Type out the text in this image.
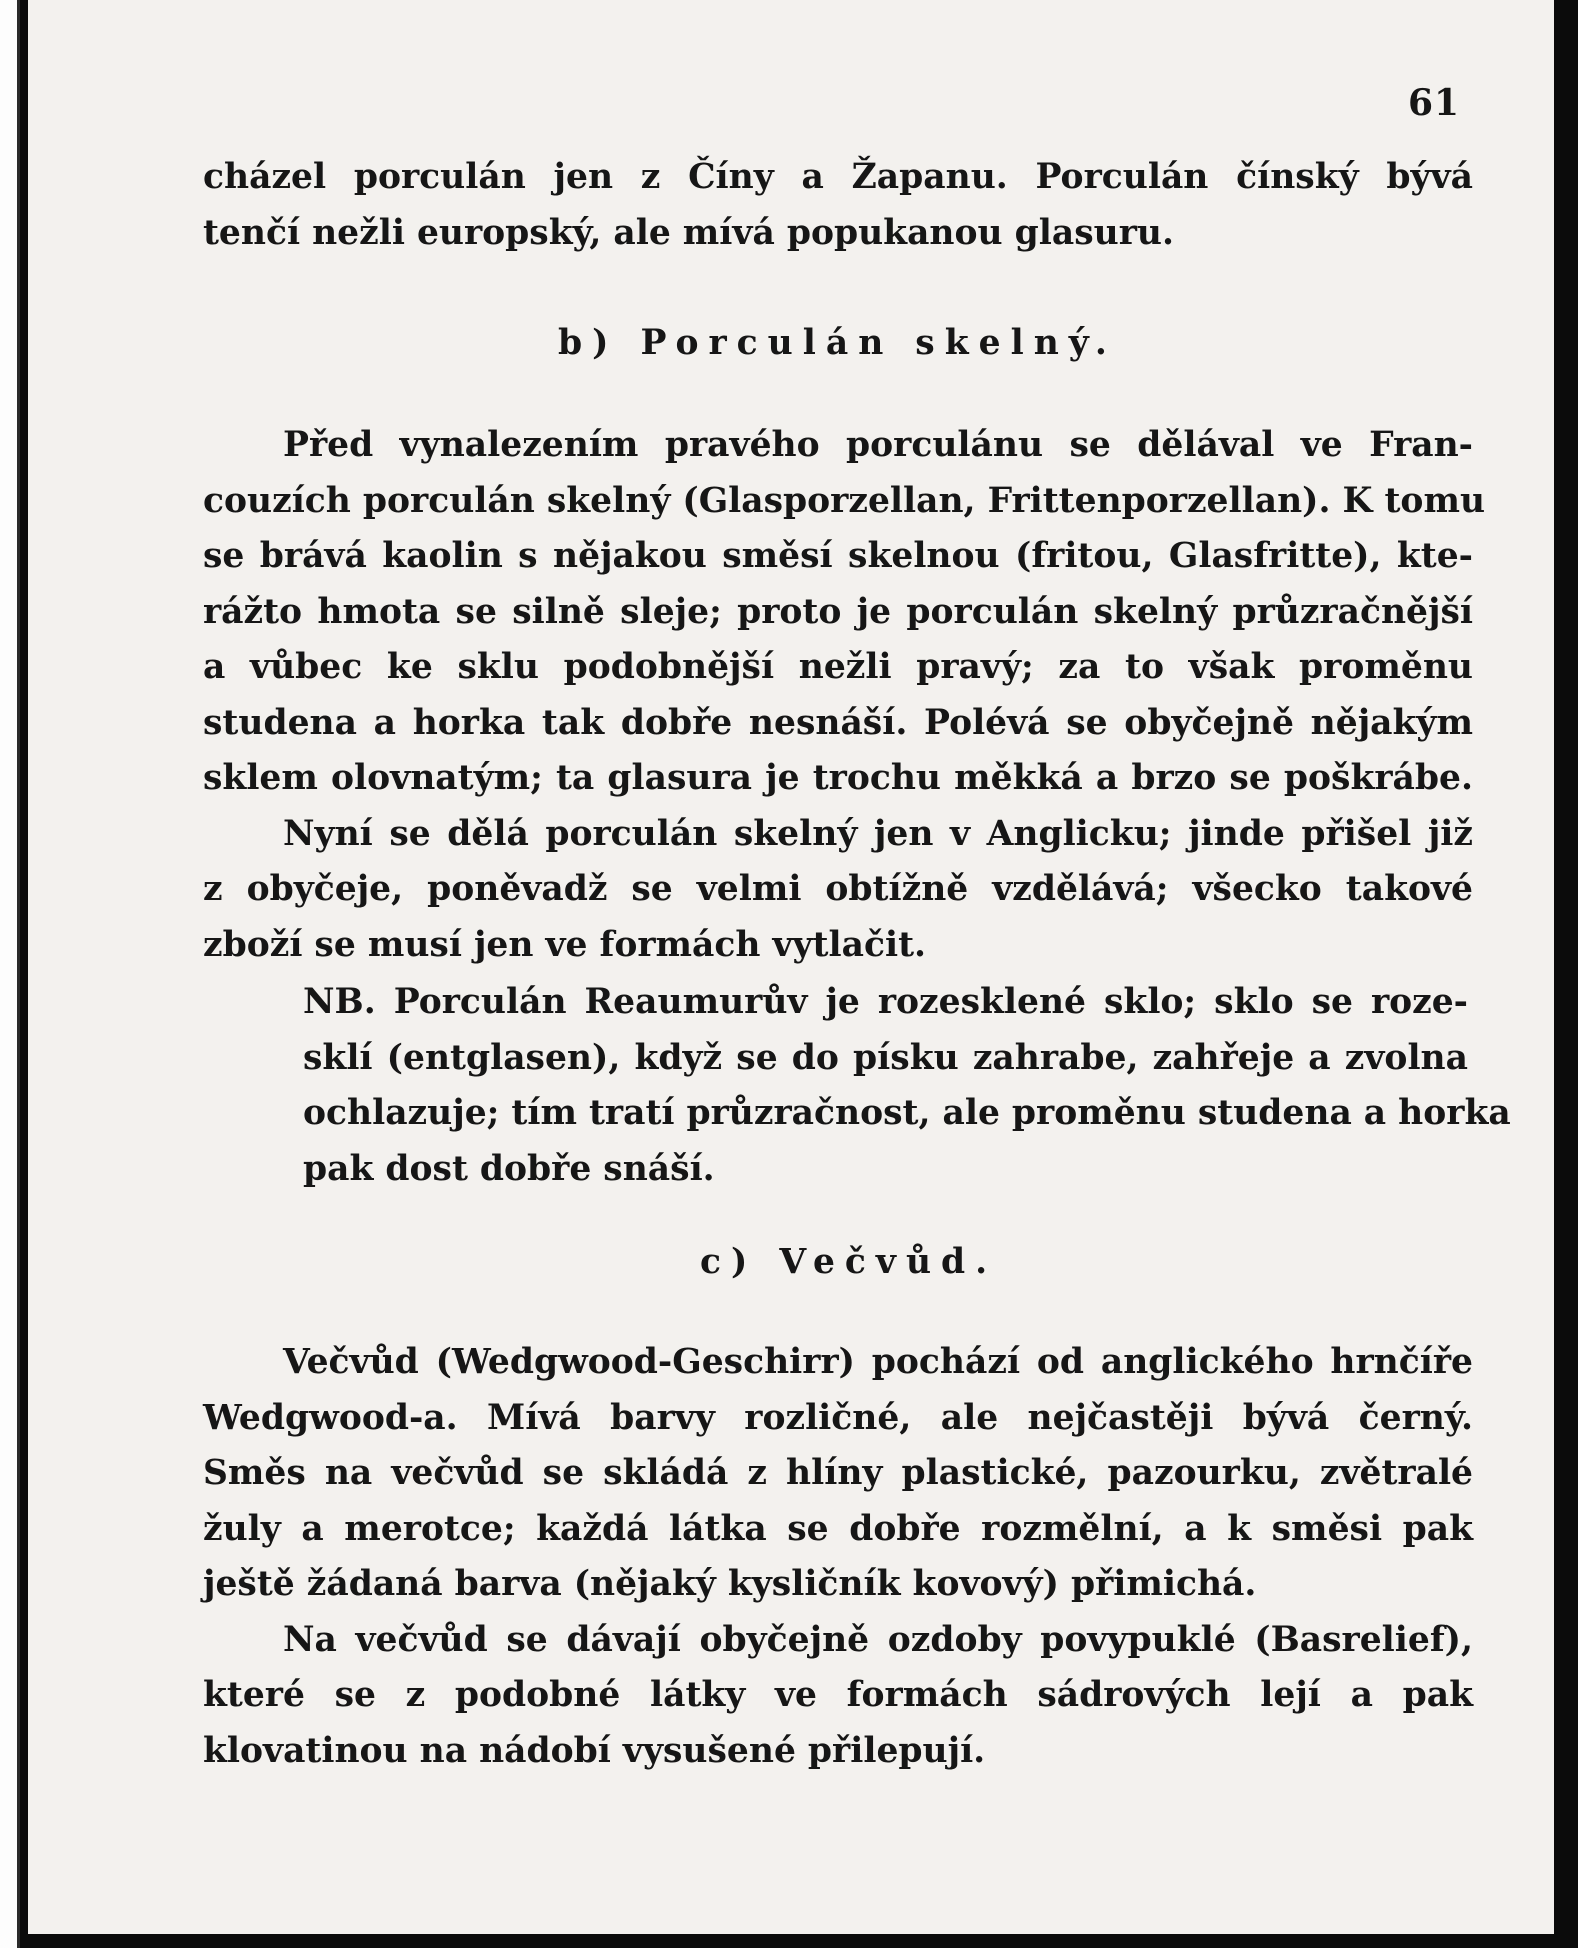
61
cházel porculán jen z Číny a Žapanu. Porculán čínský bývá
tenčí nežli europský, ale mívá popukanou glasuru.
b) Porculán skelný.
Před vynalezením pravého porculánu se dělával ve Fran-
couzích porculán skelný (Glasporzellan, Frittenporzellan). K tomu
se brává kaolin s nějakou směsí skelnou (fritou, Glasfritte), kte-
rážto hmota se silně sleje; proto je porculán skelný průzračnější
a vůbec ke sklu podobnější nežli pravý; za to však proměnu
studena a horka tak dobře nesnáší. Polévá se obyčejně nějakým
sklem olovnatým; ta glasura je trochu měkká a brzo se poškrábe.
Nyní se dělá porculán skelný jen v Anglicku; jinde přišel již
z obyčeje, poněvadž se velmi obtížně vzdělává; všecko takové
zboží se musí jen ve formách vytlačit.
NB. Porculán Reaumurův je rozesklené sklo; sklo se roze-
sklí (entglasen), když se do písku zahrabe, zahřeje a zvolna
ochlazuje; tím tratí průzračnost, ale proměnu studena a horka
pak dost dobře snáší.
c) Večvůd.
Večvůd (Wedgwood-Geschirr) pochází od anglického hrnčíře
Wedgwood-a. Mívá barvy rozličné, ale nejčastěji bývá černý.
Směs na večvůd se skládá z hlíny plastické, pazourku, zvětralé
žuly a merotce; každá látka se dobře rozmělní, a k směsi pak
ještě žádaná barva (nějaký kysličník kovový) přimichá.
Na večvůd se dávají obyčejně ozdoby povypuklé (Basrelief),
které se z podobné látky ve formách sádrových lejí a pak
klovatinou na nádobí vysušené přilepují.
